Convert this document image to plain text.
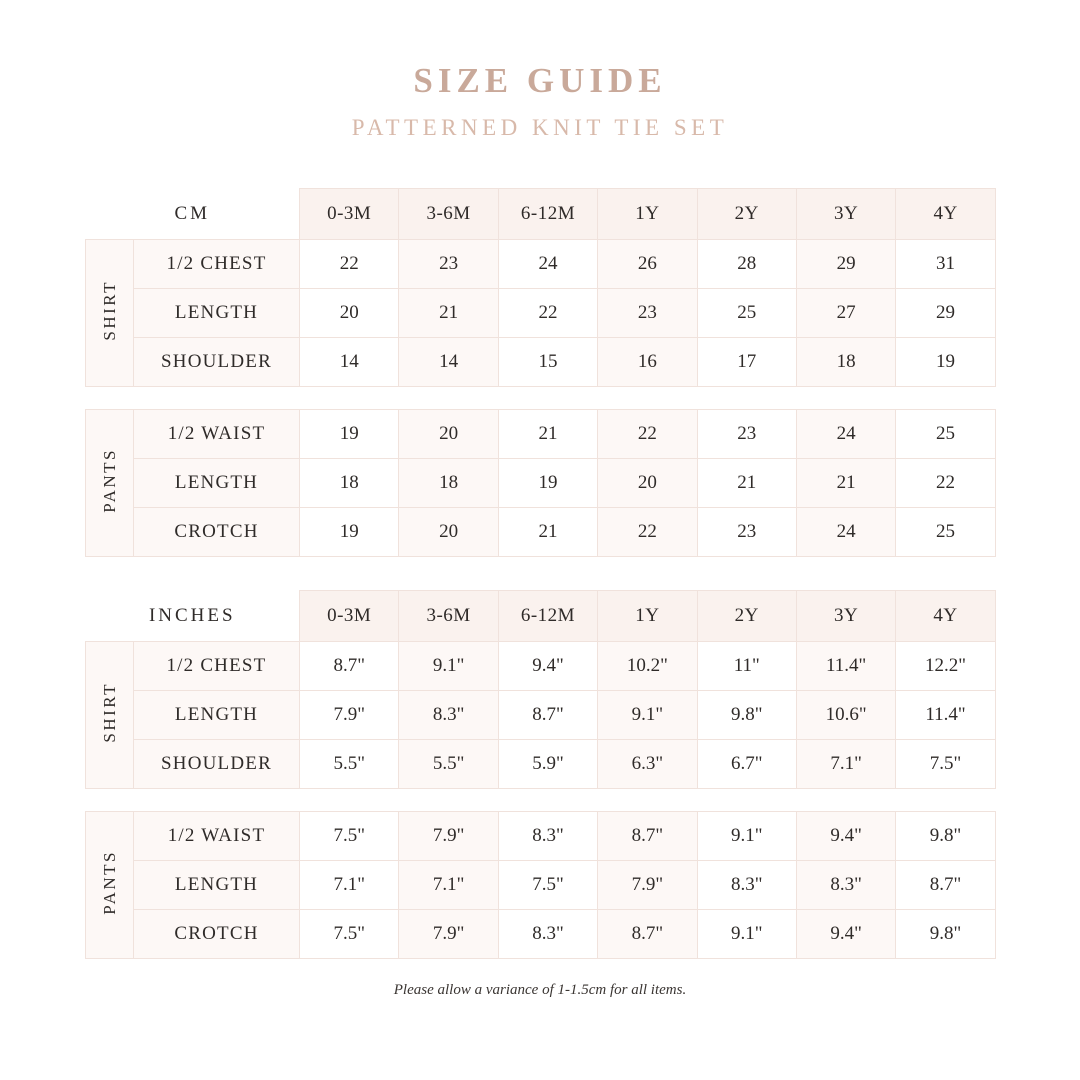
SIZE GUIDE
PATTERNED KNIT TIE SET
CM		0-3M	3-6M	6-12M	1Y	2Y	3Y	4Y
SHIRT	1/2 CHEST	22	23	24	26	28	29	31
	LENGTH	20	21	22	23	25	27	29
	SHOULDER	14	14	15	16	17	18	19

PANTS	1/2 WAIST	19	20	21	22	23	24	25
	LENGTH	18	18	19	20	21	21	22
	CROTCH	19	20	21	22	23	24	25
INCHES		0-3M	3-6M	6-12M	1Y	2Y	3Y	4Y
SHIRT	1/2 CHEST	8.7"	9.1"	9.4"	10.2"	11"	11.4"	12.2"
	LENGTH	7.9"	8.3"	8.7"	9.1"	9.8"	10.6"	11.4"
	SHOULDER	5.5"	5.5"	5.9"	6.3"	6.7"	7.1"	7.5"

PANTS	1/2 WAIST	7.5"	7.9"	8.3"	8.7"	9.1"	9.4"	9.8"
	LENGTH	7.1"	7.1"	7.5"	7.9"	8.3"	8.3"	8.7"
	CROTCH	7.5"	7.9"	8.3"	8.7"	9.1"	9.4"	9.8"
Please allow a variance of 1-1.5cm for all items.
